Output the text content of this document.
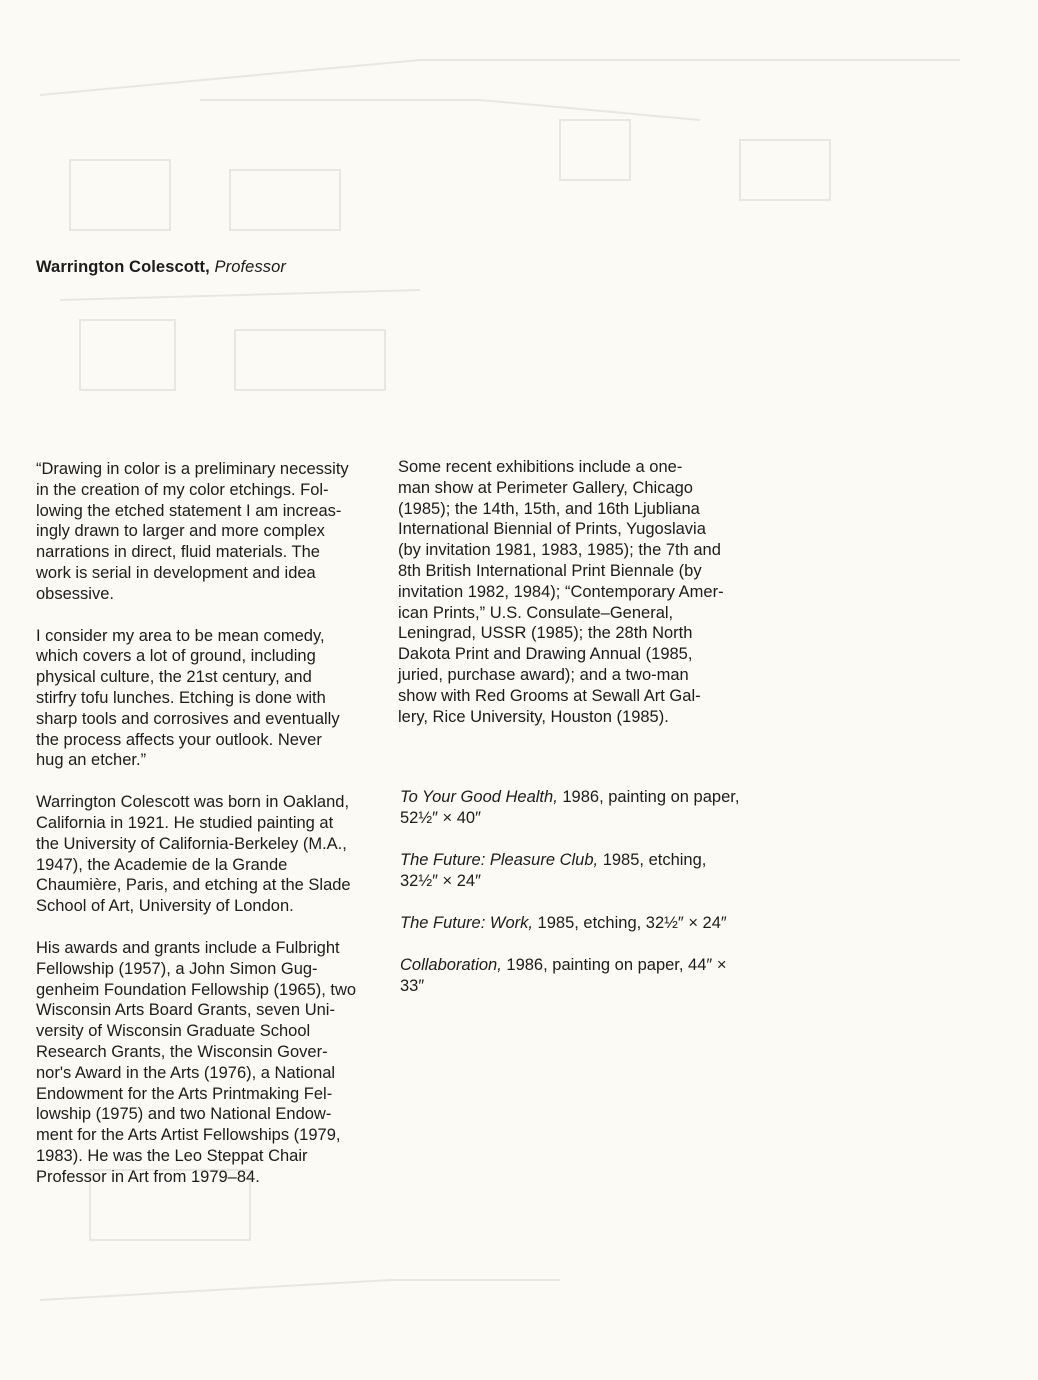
Warrington Colescott, Professor

“Drawing in color is a preliminary necessity
in the creation of my color etchings. Fol-
lowing the etched statement I am increas-
ingly drawn to larger and more complex
narrations in direct, fluid materials. The
work is serial in development and idea
obsessive.

I consider my area to be mean comedy,
which covers a lot of ground, including
physical culture, the 21st century, and
stirfry tofu lunches. Etching is done with
sharp tools and corrosives and eventually
the process affects your outlook. Never
hug an etcher.”

Warrington Colescott was born in Oakland,
California in 1921. He studied painting at
the University of California-Berkeley (M.A.,
1947), the Academie de la Grande
Chaumière, Paris, and etching at the Slade
School of Art, University of London.

His awards and grants include a Fulbright
Fellowship (1957), a John Simon Gug-
genheim Foundation Fellowship (1965), two
Wisconsin Arts Board Grants, seven Uni-
versity of Wisconsin Graduate School
Research Grants, the Wisconsin Gover-
nor's Award in the Arts (1976), a National
Endowment for the Arts Printmaking Fel-
lowship (1975) and two National Endow-
ment for the Arts Artist Fellowships (1979,
1983). He was the Leo Steppat Chair
Professor in Art from 1979–84.

Some recent exhibitions include a one-
man show at Perimeter Gallery, Chicago
(1985); the 14th, 15th, and 16th Ljubliana
International Biennial of Prints, Yugoslavia
(by invitation 1981, 1983, 1985); the 7th and
8th British International Print Biennale (by
invitation 1982, 1984); “Contemporary Amer-
ican Prints,” U.S. Consulate–General,
Leningrad, USSR (1985); the 28th North
Dakota Print and Drawing Annual (1985,
juried, purchase award); and a two-man
show with Red Grooms at Sewall Art Gal-
lery, Rice University, Houston (1985).

To Your Good Health, 1986, painting on paper, 52½″ × 40″
The Future: Pleasure Club, 1985, etching, 32½″ × 24″
The Future: Work, 1985, etching, 32½″ × 24″
Collaboration, 1986, painting on paper, 44″ × 33″
